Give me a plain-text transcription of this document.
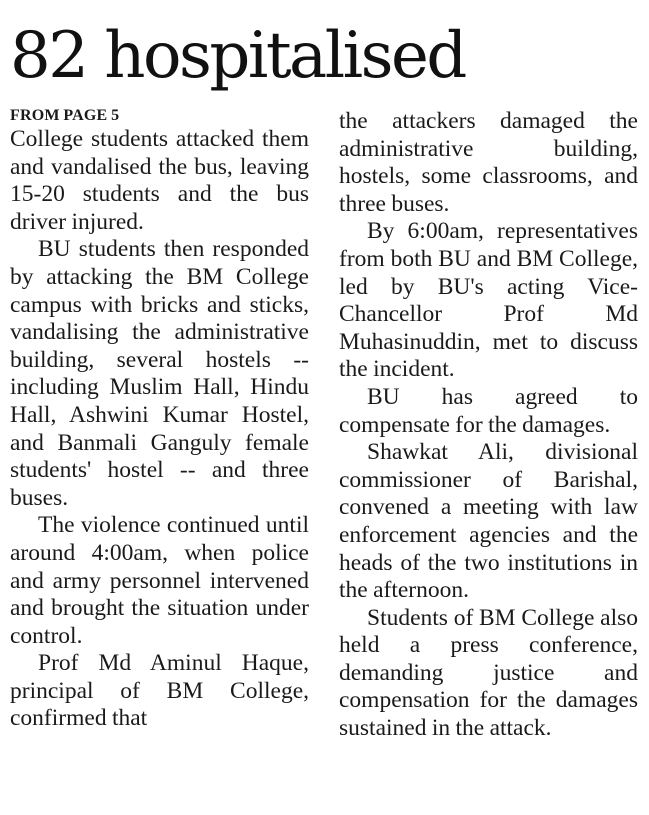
82 hospitalised
FROM PAGE 5

College students attacked them and vandalised the bus, leaving 15-20 students and the bus driver injured.

BU students then responded by attacking the BM College campus with bricks and sticks, vandalising the administrative building, several hostels -- including Muslim Hall, Hindu Hall, Ashwini Kumar Hostel, and Banmali Ganguly female students' hostel -- and three buses.

The violence continued until around 4:00am, when police and army personnel intervened and brought the situation under control.

Prof Md Aminul Haque, principal of BM College, confirmed that

the attackers damaged the administrative building, hostels, some classrooms, and three buses.

By 6:00am, representatives from both BU and BM College, led by BU's acting Vice-Chancellor Prof Md Muhasinuddin, met to discuss the incident.

BU has agreed to compensate for the damages.

Shawkat Ali, divisional commissioner of Barishal, convened a meeting with law enforcement agencies and the heads of the two institutions in the afternoon.

Students of BM College also held a press conference, demanding justice and compensation for the damages sustained in the attack.
